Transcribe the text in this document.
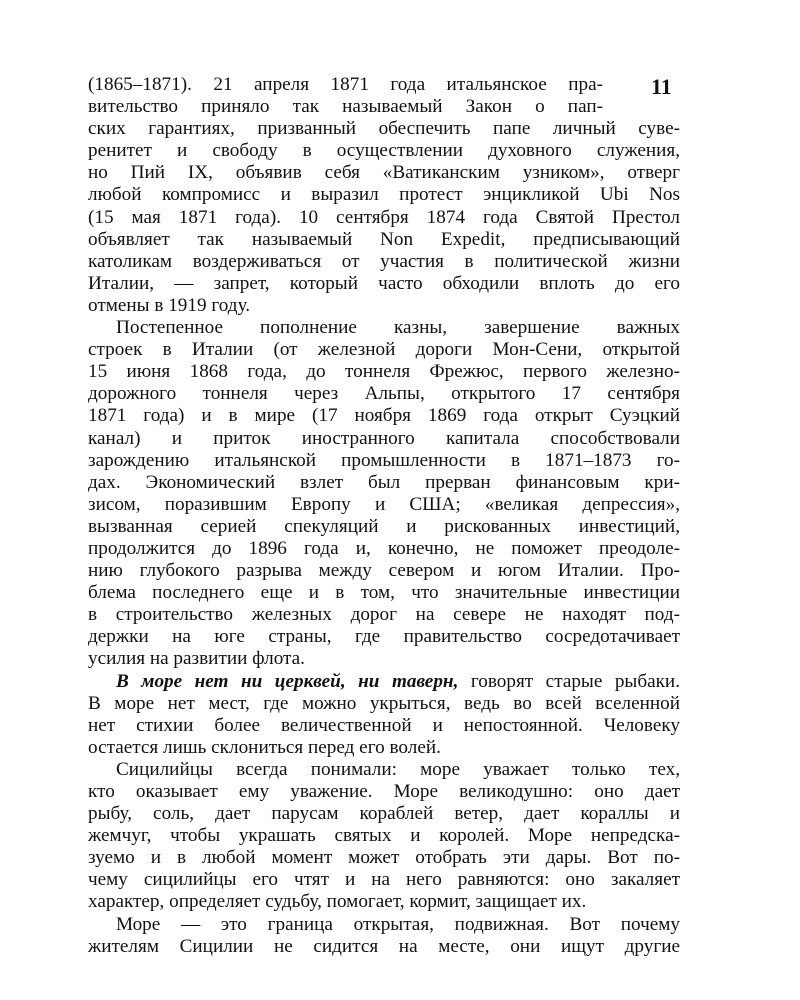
11
(1865–1871). 21 апреля 1871 года итальянское пра-
вительство приняло так называемый Закон о пап-
ских гарантиях, призванный обеспечить папе личный суве-
ренитет и свободу в осуществлении духовного служения,
но Пий IX, объявив себя «Ватиканским узником», отверг
любой компромисс и выразил протест энцикликой Ubi Nos
(15 мая 1871 года). 10 сентября 1874 года Святой Престол
объявляет так называемый Non Expedit, предписывающий
католикам воздерживаться от участия в политической жизни
Италии, — запрет, который часто обходили вплоть до его
отмены в 1919 году.
Постепенное пополнение казны, завершение важных
строек в Италии (от железной дороги Мон-Сени, открытой
15 июня 1868 года, до тоннеля Фрежюс, первого железно-
дорожного тоннеля через Альпы, открытого 17 сентября
1871 года) и в мире (17 ноября 1869 года открыт Суэцкий
канал) и приток иностранного капитала способствовали
зарождению итальянской промышленности в 1871–1873 го-
дах. Экономический взлет был прерван финансовым кри-
зисом, поразившим Европу и США; «великая депрессия»,
вызванная серией спекуляций и рискованных инвестиций,
продолжится до 1896 года и, конечно, не поможет преодоле-
нию глубокого разрыва между севером и югом Италии. Про-
блема последнего еще и в том, что значительные инвестиции
в строительство железных дорог на севере не находят под-
держки на юге страны, где правительство сосредотачивает
усилия на развитии флота.
В море нет ни церквей, ни таверн, говорят старые рыбаки.
В море нет мест, где можно укрыться, ведь во всей вселенной
нет стихии более величественной и непостоянной. Человеку
остается лишь склониться перед его волей.
Сицилийцы всегда понимали: море уважает только тех,
кто оказывает ему уважение. Море великодушно: оно дает
рыбу, соль, дает парусам кораблей ветер, дает кораллы и
жемчуг, чтобы украшать святых и королей. Море непредска-
зуемо и в любой момент может отобрать эти дары. Вот по-
чему сицилийцы его чтят и на него равняются: оно закаляет
характер, определяет судьбу, помогает, кормит, защищает их.
Море — это граница открытая, подвижная. Вот почему
жителям Сицилии не сидится на месте, они ищут другие
